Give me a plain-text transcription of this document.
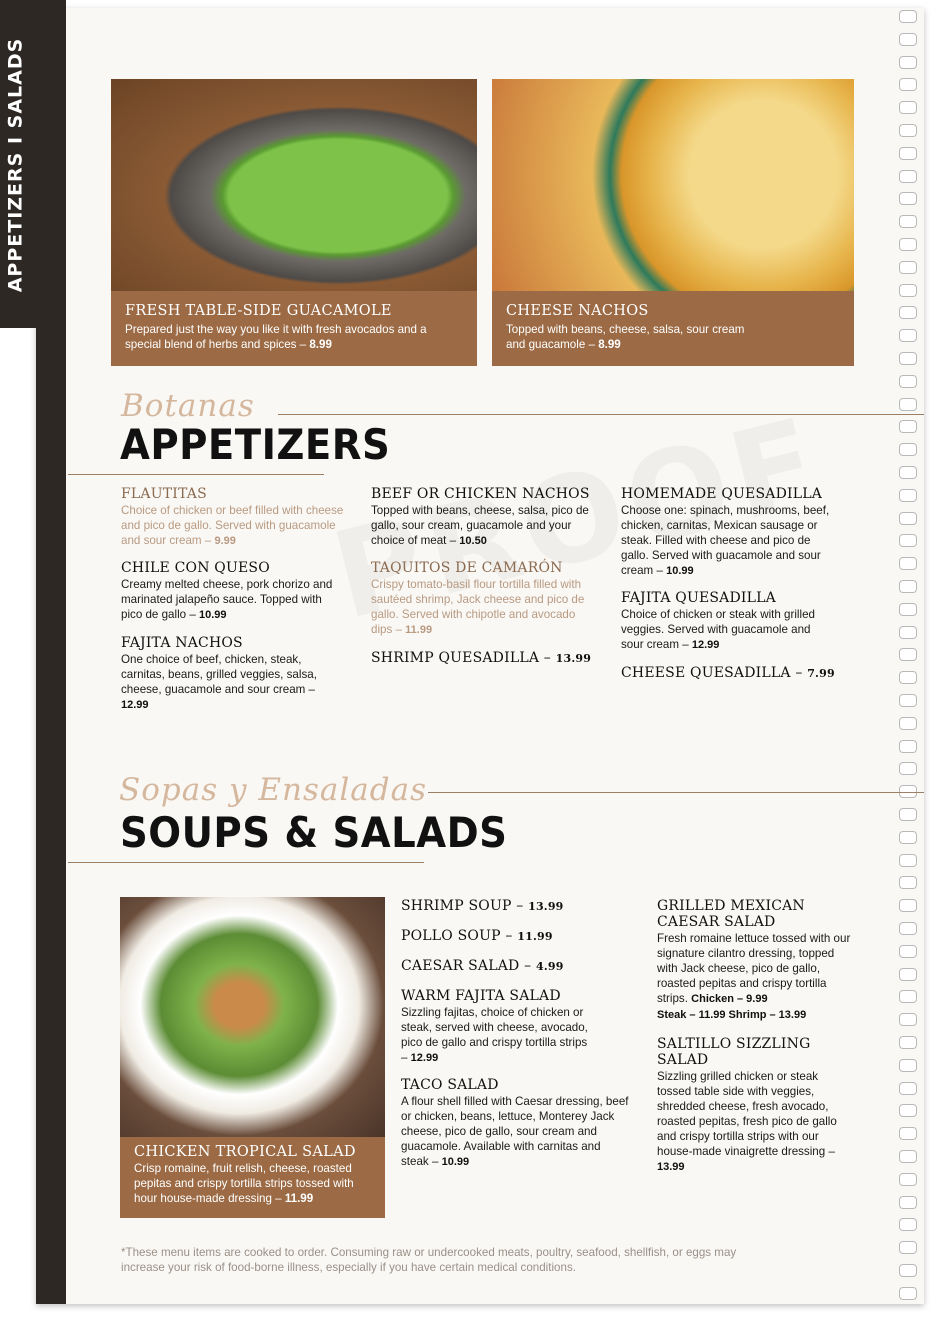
APPETIZERS I SALADS
FRESH TABLE-SIDE GUACAMOLE
Prepared just the way you like it with fresh avocados and a special blend of herbs and spices – 8.99
CHEESE NACHOS
Topped with beans, cheese, salsa, sour cream and guacamole – 8.99
Botanas
APPETIZERS
FLAUTITAS
Choice of chicken or beef filled with cheese and pico de gallo. Served with guacamole and sour cream – 9.99
CHILE CON QUESO
Creamy melted cheese, pork chorizo and marinated jalapeño sauce. Topped with pico de gallo – 10.99
FAJITA NACHOS
One choice of beef, chicken, steak, carnitas, beans, grilled veggies, salsa, cheese, guacamole and sour cream – 12.99
BEEF OR CHICKEN NACHOS
Topped with beans, cheese, salsa, pico de gallo, sour cream, guacamole and your choice of meat – 10.50
TAQUITOS DE CAMARÓN
Crispy tomato-basil flour tortilla filled with sautéed shrimp, Jack cheese and pico de gallo. Served with chipotle and avocado dips – 11.99
SHRIMP QUESADILLA – 13.99
HOMEMADE QUESADILLA
Choose one: spinach, mushrooms, beef, chicken, carnitas, Mexican sausage or steak. Filled with cheese and pico de gallo. Served with guacamole and sour cream – 10.99
FAJITA QUESADILLA
Choice of chicken or steak with grilled veggies. Served with guacamole and sour cream – 12.99
CHEESE QUESADILLA – 7.99
Sopas y Ensaladas
SOUPS & SALADS
CHICKEN TROPICAL SALAD
Crisp romaine, fruit relish, cheese, roasted pepitas and crispy tortilla strips tossed with hour house-made dressing – 11.99
SHRIMP SOUP – 13.99
POLLO SOUP – 11.99
CAESAR SALAD – 4.99
WARM FAJITA SALAD
Sizzling fajitas, choice of chicken or steak, served with cheese, avocado, pico de gallo and crispy tortilla strips – 12.99
TACO SALAD
A flour shell filled with Caesar dressing, beef or chicken, beans, lettuce, Monterey Jack cheese, pico de gallo, sour cream and guacamole. Available with carnitas and steak – 10.99
GRILLED MEXICAN CAESAR SALAD
Fresh romaine lettuce tossed with our signature cilantro dressing, topped with Jack cheese, pico de gallo, roasted pepitas and crispy tortilla strips. Chicken – 9.99
Steak – 11.99 Shrimp – 13.99
SALTILLO SIZZLING SALAD
Sizzling grilled chicken or steak tossed table side with veggies, shredded cheese, fresh avocado, roasted pepitas, fresh pico de gallo and crispy tortilla strips with our house-made vinaigrette dressing – 13.99
*These menu items are cooked to order. Consuming raw or undercooked meats, poultry, seafood, shellfish, or eggs may increase your risk of food-borne illness, especially if you have certain medical conditions.
